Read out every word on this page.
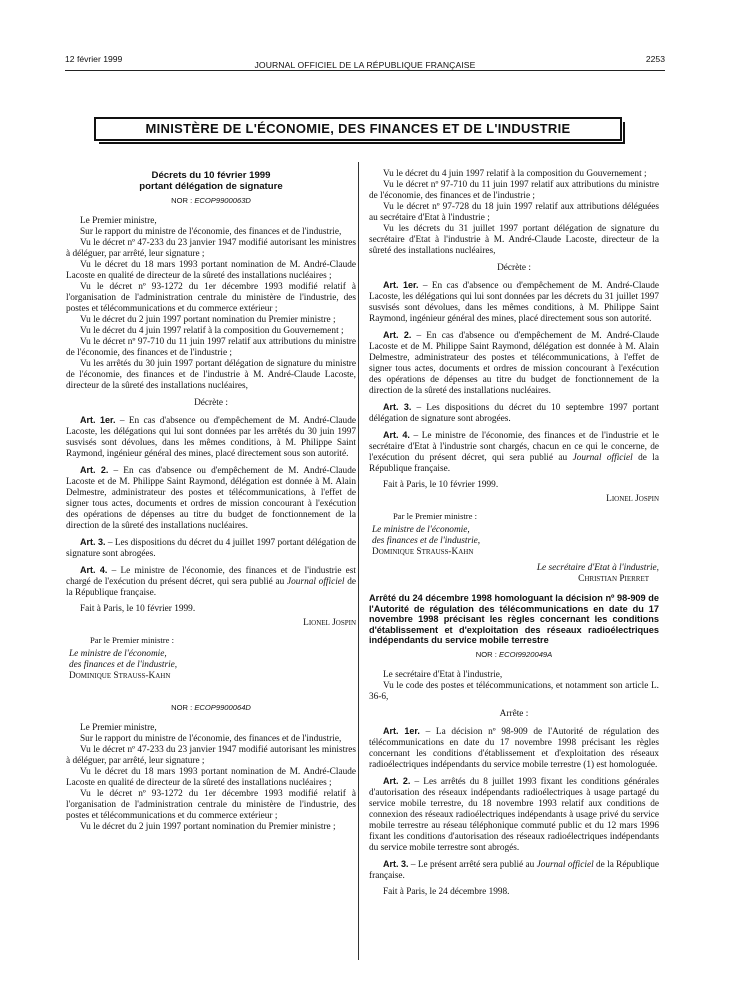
12 février 1999
JOURNAL OFFICIEL DE LA RÉPUBLIQUE FRANÇAISE
2253
MINISTÈRE DE L'ÉCONOMIE, DES FINANCES ET DE L'INDUSTRIE

Décrets du 10 février 1999

portant délégation de signature

NOR : ECOP9900063D

Le Premier ministre,

Sur le rapport du ministre de l'économie, des finances et de l'industrie,

Vu le décret nº 47-233 du 23 janvier 1947 modifié autorisant les ministres à déléguer, par arrêté, leur signature ;

Vu le décret du 18 mars 1993 portant nomination de M. André-Claude Lacoste en qualité de directeur de la sûreté des installations nucléaires ;

Vu le décret nº 93-1272 du 1er décembre 1993 modifié relatif à l'organisation de l'administration centrale du ministère de l'industrie, des postes et télécommunications et du commerce extérieur ;

Vu le décret du 2 juin 1997 portant nomination du Premier ministre ;

Vu le décret du 4 juin 1997 relatif à la composition du Gouvernement ;

Vu le décret nº 97-710 du 11 juin 1997 relatif aux attributions du ministre de l'économie, des finances et de l'industrie ;

Vu les arrêtés du 30 juin 1997 portant délégation de signature du ministre de l'économie, des finances et de l'industrie à M. André-Claude Lacoste, directeur de la sûreté des installations nucléaires,

Décrète :

Art. 1er. – En cas d'absence ou d'empêchement de M. André-Claude Lacoste, les délégations qui lui sont données par les arrêtés du 30 juin 1997 susvisés sont dévolues, dans les mêmes conditions, à M. Philippe Saint Raymond, ingénieur général des mines, placé directement sous son autorité.

Art. 2. – En cas d'absence ou d'empêchement de M. André-Claude Lacoste et de M. Philippe Saint Raymond, délégation est donnée à M. Alain Delmestre, administrateur des postes et télécommunications, à l'effet de signer tous actes, documents et ordres de mission concourant à l'exécution des opérations de dépenses au titre du budget de fonctionnement de la direction de la sûreté des installations nucléaires.

Art. 3. – Les dispositions du décret du 4 juillet 1997 portant délégation de signature sont abrogées.

Art. 4. – Le ministre de l'économie, des finances et de l'industrie est chargé de l'exécution du présent décret, qui sera publié au Journal officiel de la République française.

Fait à Paris, le 10 février 1999.

Lionel Jospin

Par le Premier ministre :

Le ministre de l'économie,

des finances et de l'industrie,

Dominique Strauss-Kahn

NOR : ECOP9900064D

Le Premier ministre,

Sur le rapport du ministre de l'économie, des finances et de l'industrie,

Vu le décret nº 47-233 du 23 janvier 1947 modifié autorisant les ministres à déléguer, par arrêté, leur signature ;

Vu le décret du 18 mars 1993 portant nomination de M. André-Claude Lacoste en qualité de directeur de la sûreté des installations nucléaires ;

Vu le décret nº 93-1272 du 1er décembre 1993 modifié relatif à l'organisation de l'administration centrale du ministère de l'industrie, des postes et télécommunications et du commerce extérieur ;

Vu le décret du 2 juin 1997 portant nomination du Premier ministre ;

Vu le décret du 4 juin 1997 relatif à la composition du Gouvernement ;

Vu le décret nº 97-710 du 11 juin 1997 relatif aux attributions du ministre de l'économie, des finances et de l'industrie ;

Vu le décret nº 97-728 du 18 juin 1997 relatif aux attributions déléguées au secrétaire d'Etat à l'industrie ;

Vu les décrets du 31 juillet 1997 portant délégation de signature du secrétaire d'Etat à l'industrie à M. André-Claude Lacoste, directeur de la sûreté des installations nucléaires,

Décrète :

Art. 1er. – En cas d'absence ou d'empêchement de M. André-Claude Lacoste, les délégations qui lui sont données par les décrets du 31 juillet 1997 susvisés sont dévolues, dans les mêmes conditions, à M. Philippe Saint Raymond, ingénieur général des mines, placé directement sous son autorité.

Art. 2. – En cas d'absence ou d'empêchement de M. André-Claude Lacoste et de M. Philippe Saint Raymond, délégation est donnée à M. Alain Delmestre, administrateur des postes et télécommunications, à l'effet de signer tous actes, documents et ordres de mission concourant à l'exécution des opérations de dépenses au titre du budget de fonctionnement de la direction de la sûreté des installations nucléaires.

Art. 3. – Les dispositions du décret du 10 septembre 1997 portant délégation de signature sont abrogées.

Art. 4. – Le ministre de l'économie, des finances et de l'industrie et le secrétaire d'Etat à l'industrie sont chargés, chacun en ce qui le concerne, de l'exécution du présent décret, qui sera publié au Journal officiel de la République française.

Fait à Paris, le 10 février 1999.

Lionel Jospin

Par le Premier ministre :

Le ministre de l'économie,

des finances et de l'industrie,

Dominique Strauss-Kahn

Le secrétaire d'Etat à l'industrie,

Christian Pierret

Arrêté du 24 décembre 1998 homologuant la décision nº 98-909 de l'Autorité de régulation des télécommunications en date du 17 novembre 1998 précisant les règles concernant les conditions d'établissement et d'exploitation des réseaux radioélectriques indépendants du service mobile terrestre

NOR : ECOI9920049A

Le secrétaire d'Etat à l'industrie,

Vu le code des postes et télécommunications, et notamment son article L. 36-6,

Arrête :

Art. 1er. – La décision nº 98-909 de l'Autorité de régulation des télécommunications en date du 17 novembre 1998 précisant les règles concernant les conditions d'établissement et d'exploitation des réseaux radioélectriques indépendants du service mobile terrestre (1) est homologuée.

Art. 2. – Les arrêtés du 8 juillet 1993 fixant les conditions générales d'autorisation des réseaux indépendants radioélectriques à usage partagé du service mobile terrestre, du 18 novembre 1993 relatif aux conditions de connexion des réseaux radioélectriques indépendants à usage privé du service mobile terrestre au réseau téléphonique commuté public et du 12 mars 1996 fixant les conditions d'autorisation des réseaux radioélectriques indépendants du service mobile terrestre sont abrogés.

Art. 3. – Le présent arrêté sera publié au Journal officiel de la République française.

Fait à Paris, le 24 décembre 1998.
